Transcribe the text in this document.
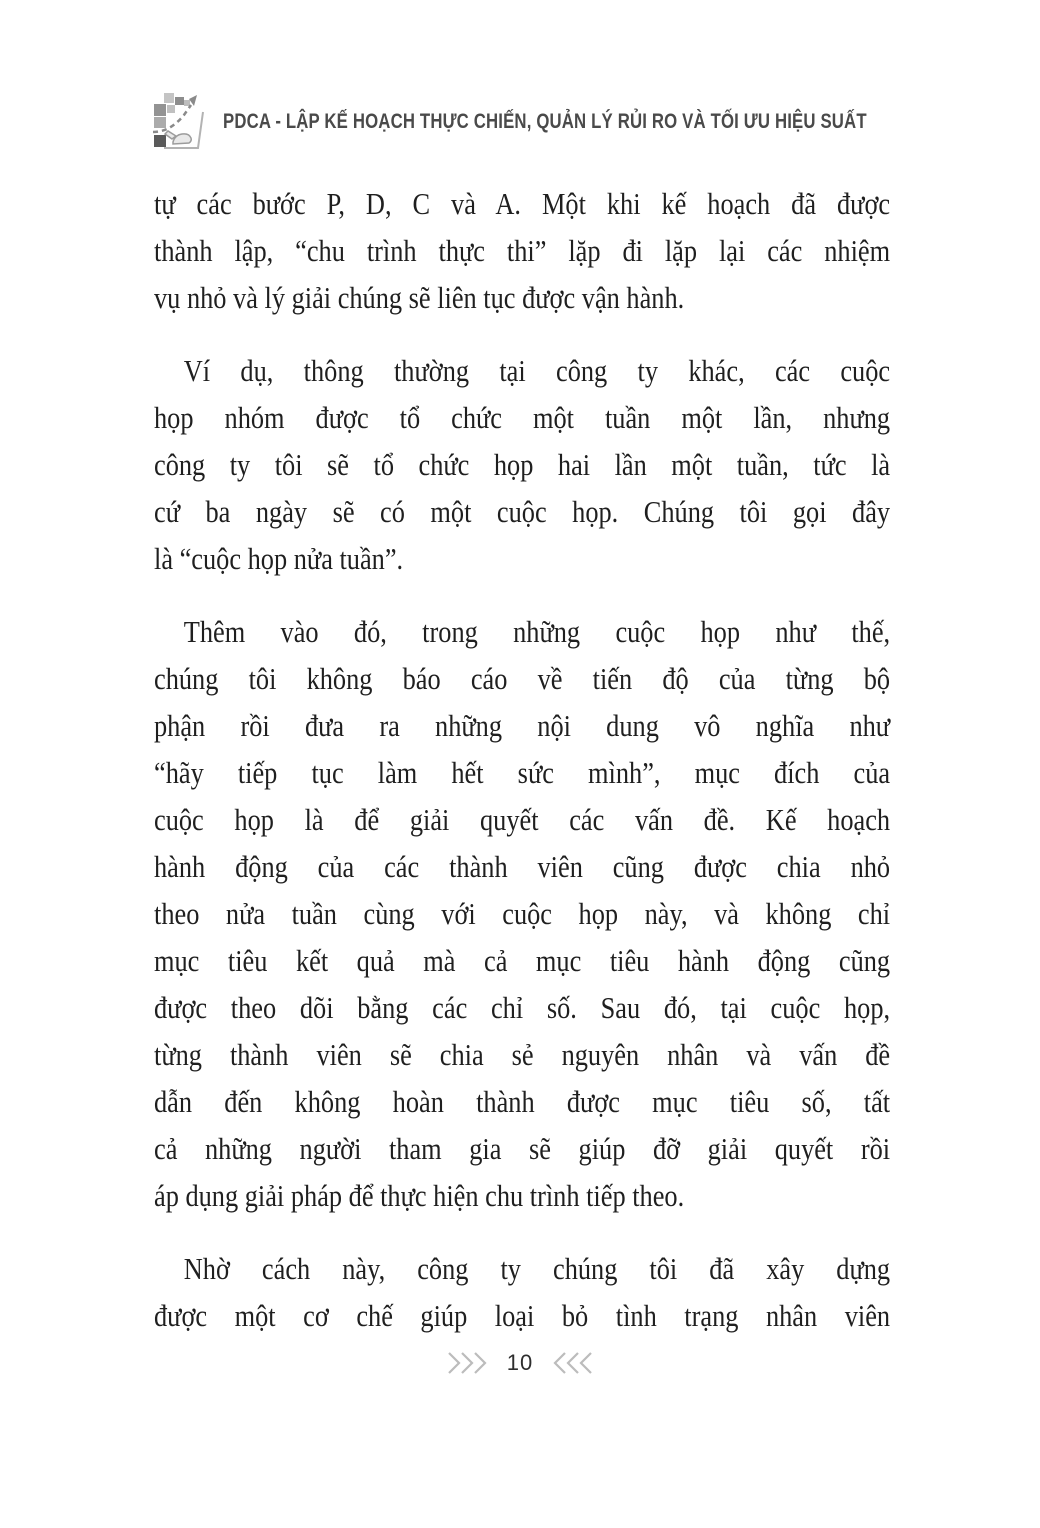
PDCA - LẬP KẾ HOẠCH THỰC CHIẾN, QUẢN LÝ RỦI RO VÀ TỐI ƯU HIỆU SUẤT
tự các bước P, D, C và A. Một khi kế hoạch đã được
thành lập, “chu trình thực thi” lặp đi lặp lại các nhiệm
vụ nhỏ và lý giải chúng sẽ liên tục được vận hành.
Ví dụ, thông thường tại công ty khác, các cuộc
họp nhóm được tổ chức một tuần một lần, nhưng
công ty tôi sẽ tổ chức họp hai lần một tuần, tức là
cứ ba ngày sẽ có một cuộc họp. Chúng tôi gọi đây
là “cuộc họp nửa tuần”.
Thêm vào đó, trong những cuộc họp như thế,
chúng tôi không báo cáo về tiến độ của từng bộ
phận rồi đưa ra những nội dung vô nghĩa như
“hãy tiếp tục làm hết sức mình”, mục đích của
cuộc họp là để giải quyết các vấn đề. Kế hoạch
hành động của các thành viên cũng được chia nhỏ
theo nửa tuần cùng với cuộc họp này, và không chỉ
mục tiêu kết quả mà cả mục tiêu hành động cũng
được theo dõi bằng các chỉ số. Sau đó, tại cuộc họp,
từng thành viên sẽ chia sẻ nguyên nhân và vấn đề
dẫn đến không hoàn thành được mục tiêu số, tất
cả những người tham gia sẽ giúp đỡ giải quyết rồi
áp dụng giải pháp để thực hiện chu trình tiếp theo.
Nhờ cách này, công ty chúng tôi đã xây dựng
được một cơ chế giúp loại bỏ tình trạng nhân viên
10
